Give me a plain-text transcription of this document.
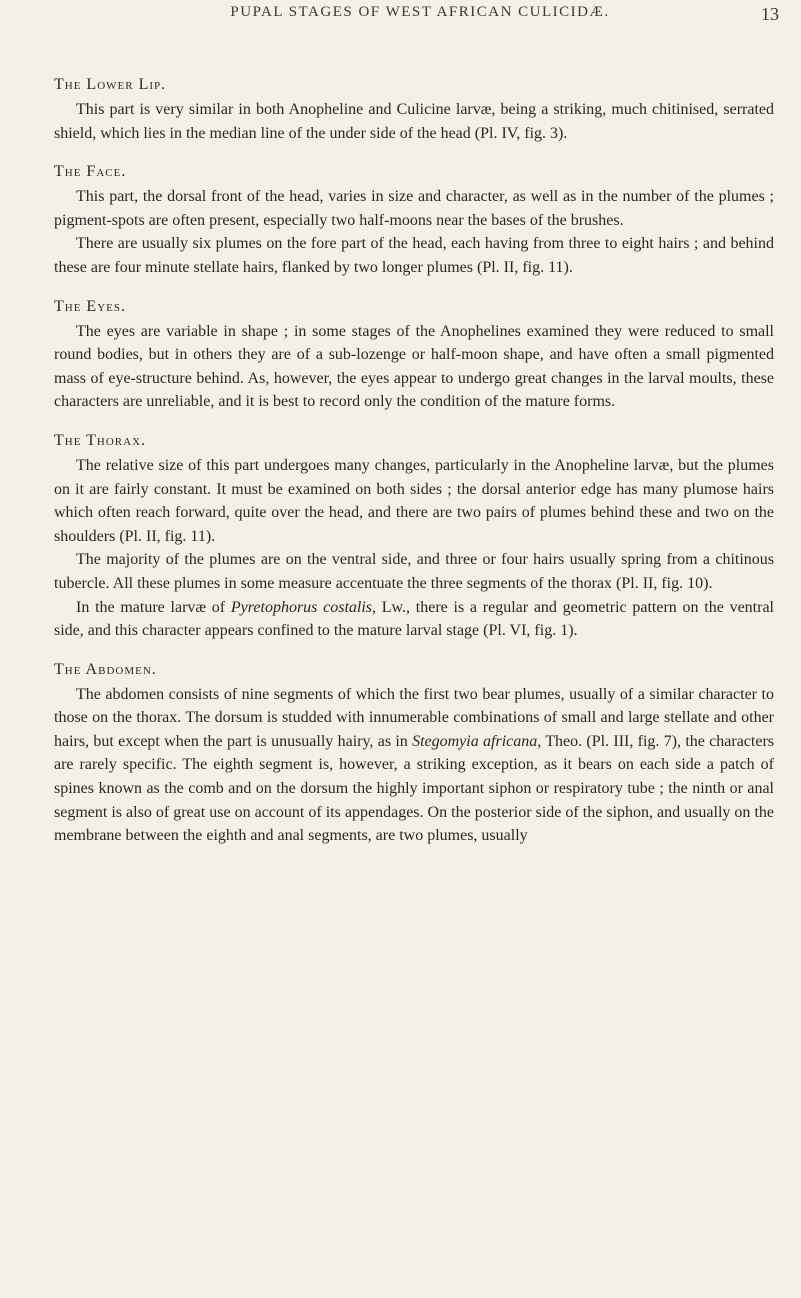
PUPAL STAGES OF WEST AFRICAN CULICIDÆ.	13
The Lower Lip.

This part is very similar in both Anopheline and Culicine larvæ, being a striking, much chitinised, serrated shield, which lies in the median line of the under side of the head (Pl. IV, fig. 3).

The Face.

This part, the dorsal front of the head, varies in size and character, as well as in the number of the plumes ; pigment-spots are often present, especially two half-moons near the bases of the brushes.

There are usually six plumes on the fore part of the head, each having from three to eight hairs ; and behind these are four minute stellate hairs, flanked by two longer plumes (Pl. II, fig. 11).

The Eyes.

The eyes are variable in shape ; in some stages of the Anophelines examined they were reduced to small round bodies, but in others they are of a sub-lozenge or half-moon shape, and have often a small pigmented mass of eye-structure behind. As, however, the eyes appear to undergo great changes in the larval moults, these characters are unreliable, and it is best to record only the condition of the mature forms.

The Thorax.

The relative size of this part undergoes many changes, particularly in the Anopheline larvæ, but the plumes on it are fairly constant. It must be examined on both sides ; the dorsal anterior edge has many plumose hairs which often reach forward, quite over the head, and there are two pairs of plumes behind these and two on the shoulders (Pl. II, fig. 11).

The majority of the plumes are on the ventral side, and three or four hairs usually spring from a chitinous tubercle. All these plumes in some measure accentuate the three segments of the thorax (Pl. II, fig. 10).

In the mature larvæ of Pyretophorus costalis, Lw., there is a regular and geometric pattern on the ventral side, and this character appears confined to the mature larval stage (Pl. VI, fig. 1).

The Abdomen.

The abdomen consists of nine segments of which the first two bear plumes, usually of a similar character to those on the thorax. The dorsum is studded with innumerable combinations of small and large stellate and other hairs, but except when the part is unusually hairy, as in Stegomyia africana, Theo. (Pl. III, fig. 7), the characters are rarely specific. The eighth segment is, however, a striking exception, as it bears on each side a patch of spines known as the comb and on the dorsum the highly important siphon or respiratory tube ; the ninth or anal segment is also of great use on account of its appendages. On the posterior side of the siphon, and usually on the membrane between the eighth and anal segments, are two plumes, usually
